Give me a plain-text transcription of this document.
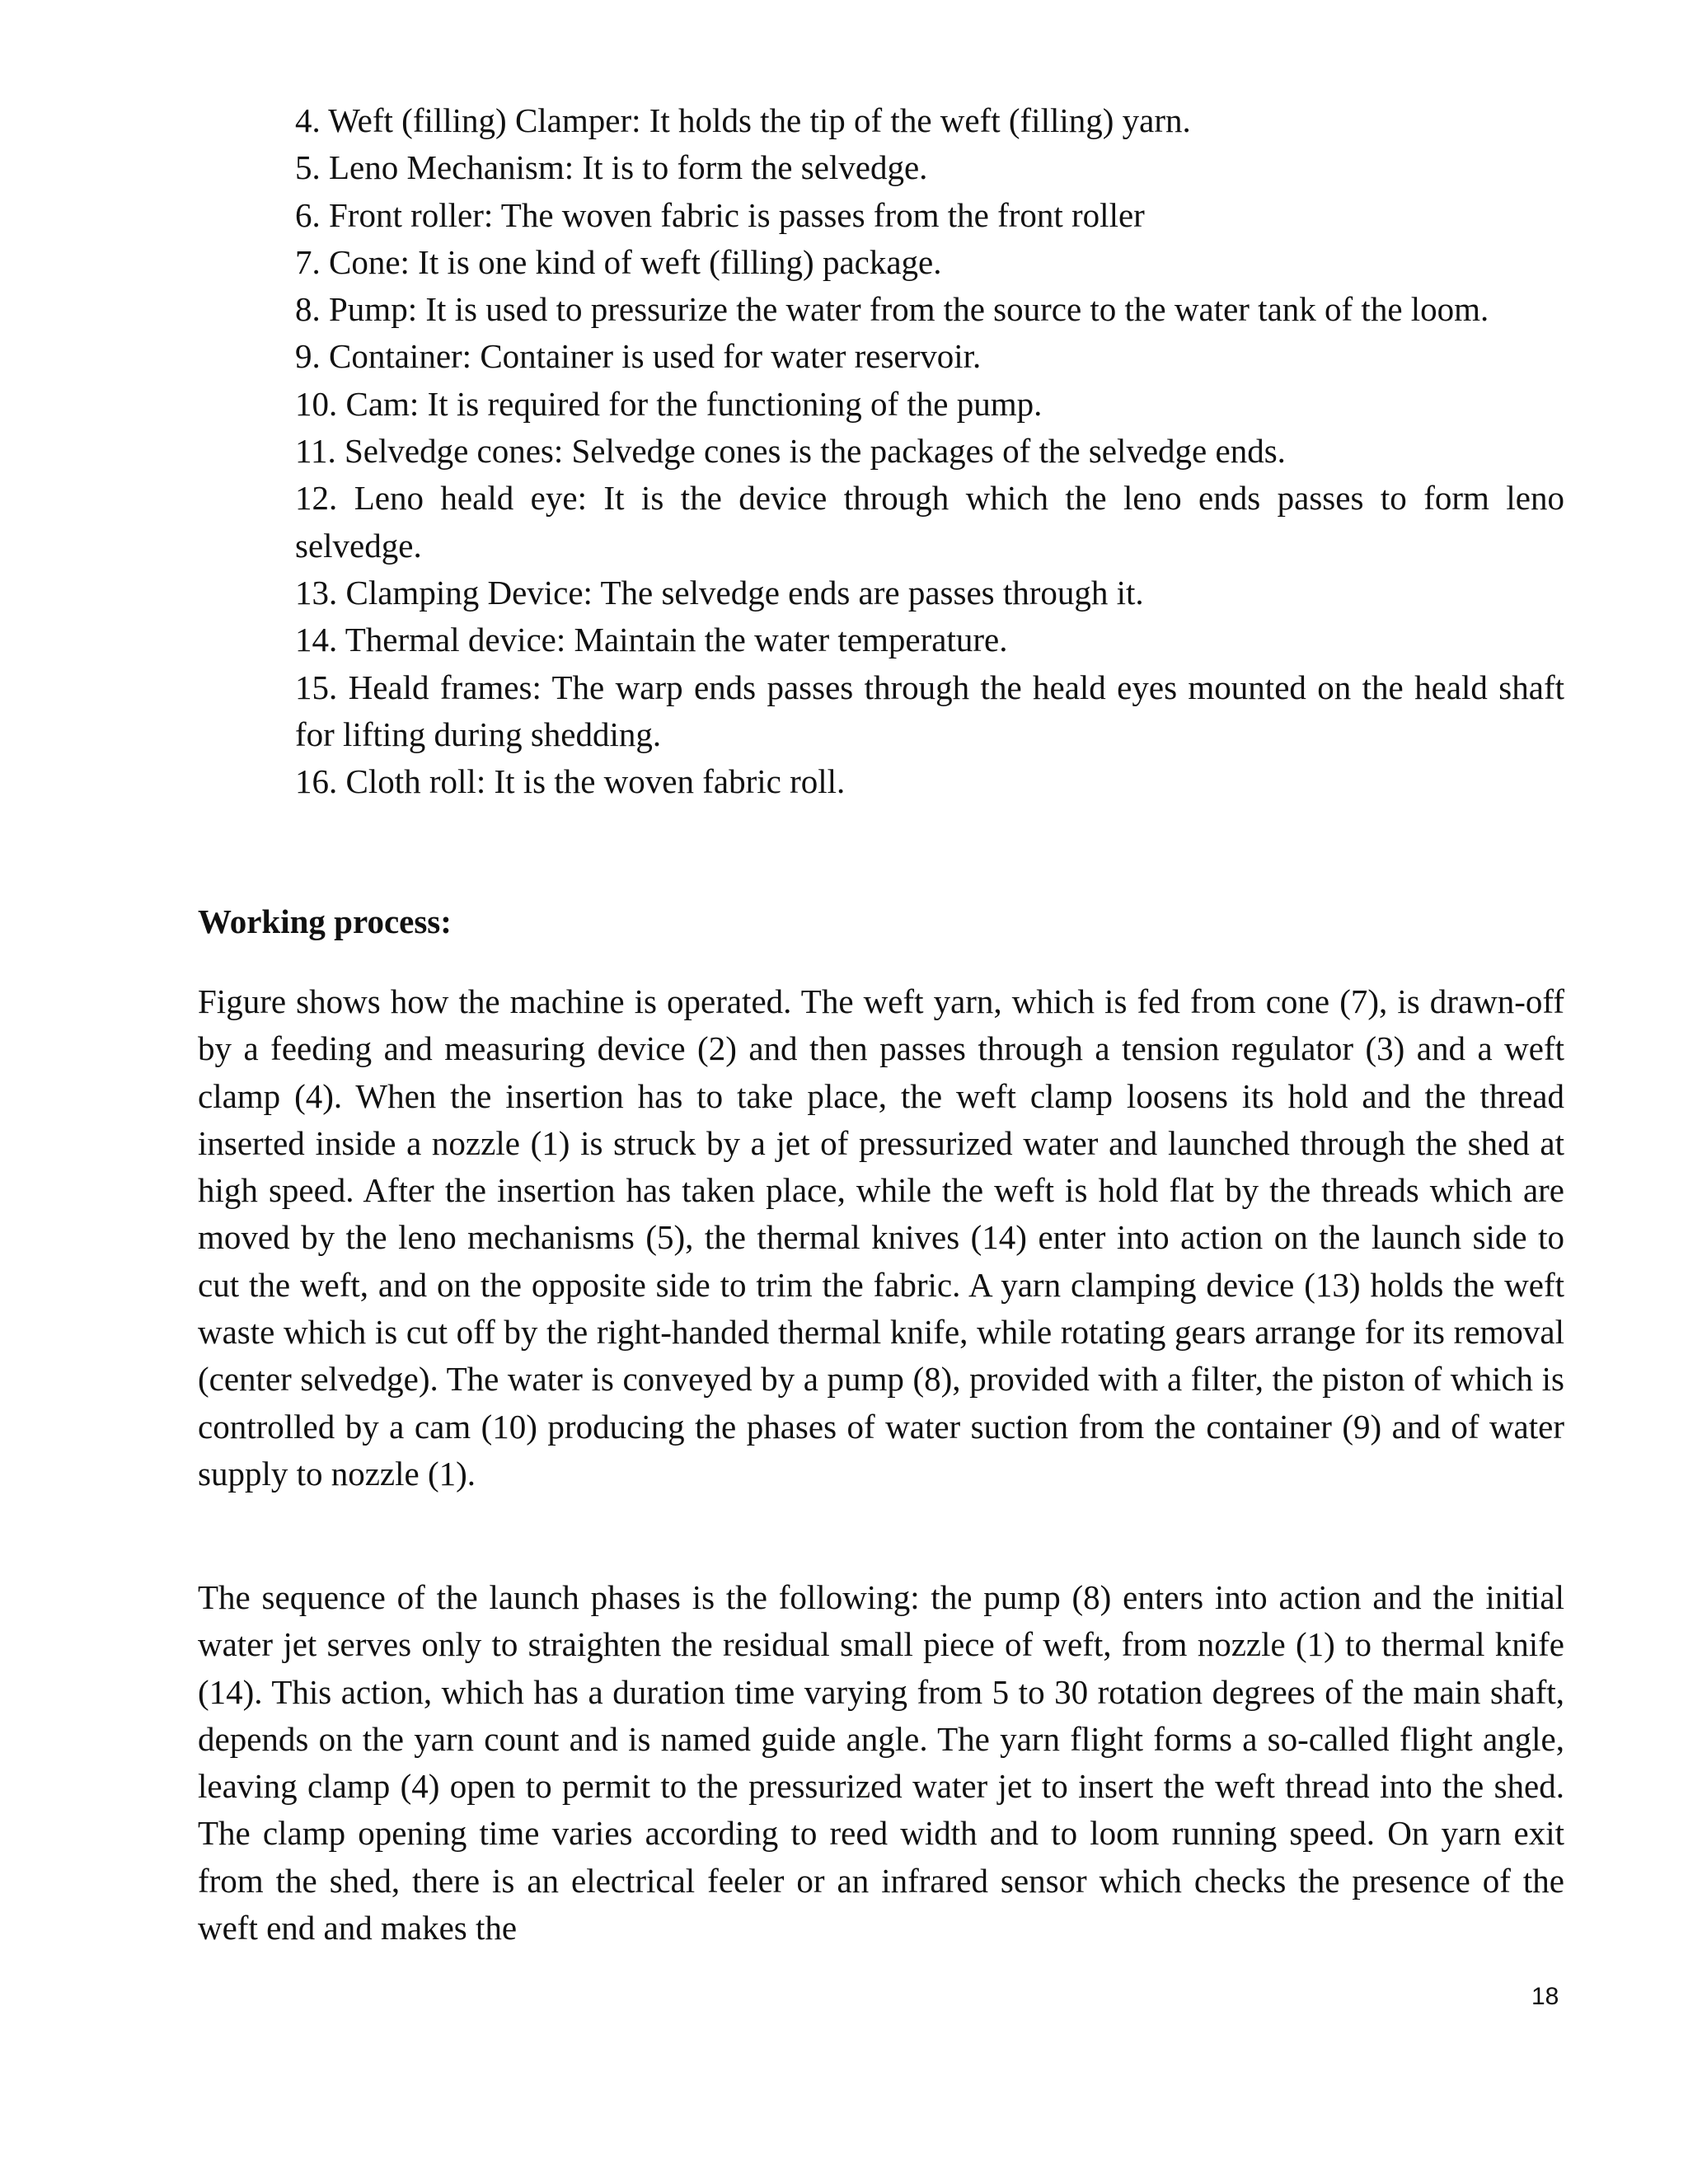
4. Weft (filling) Clamper: It holds the tip of the weft (filling) yarn.

5. Leno Mechanism: It is to form the selvedge.

6. Front roller: The woven fabric is passes from the front roller

7. Cone: It is one kind of weft (filling) package.

8. Pump: It is used to pressurize the water from the source to the water tank of the loom.

9. Container: Container is used for water reservoir.

10. Cam: It is required for the functioning of the pump.

11. Selvedge cones: Selvedge cones is the packages of the selvedge ends.

12. Leno heald eye: It is the device through which the leno ends passes to form leno selvedge.

13. Clamping Device: The selvedge ends are passes through it.

14. Thermal device: Maintain the water temperature.

15. Heald frames: The warp ends passes through the heald eyes mounted on the heald shaft for lifting during shedding.

16. Cloth roll: It is the woven fabric roll.

Working process:

Figure shows how the machine is operated. The weft yarn, which is fed from cone (7), is drawn-off by a feeding and measuring device (2) and then passes through a tension regulator (3) and a weft clamp (4). When the insertion has to take place, the weft clamp loosens its hold and the thread inserted inside a nozzle (1) is struck by a jet of pressurized water and launched through the shed at high speed. After the insertion has taken place, while the weft is hold flat by the threads which are moved by the leno mechanisms (5), the thermal knives (14) enter into action on the launch side to cut the weft, and on the opposite side to trim the fabric. A yarn clamping device (13) holds the weft waste which is cut off by the right-handed thermal knife, while rotating gears arrange for its removal (center selvedge). The water is conveyed by a pump (8), provided with a filter, the piston of which is controlled by a cam (10) producing the phases of water suction from the container (9) and of water supply to nozzle (1).

The sequence of the launch phases is the following: the pump (8) enters into action and the initial water jet serves only to straighten the residual small piece of weft, from nozzle (1) to thermal knife (14). This action, which has a duration time varying from 5 to 30 rotation degrees of the main shaft, depends on the yarn count and is named guide angle. The yarn flight forms a so-called flight angle, leaving clamp (4) open to permit to the pressurized water jet to insert the weft thread into the shed. The clamp opening time varies according to reed width and to loom running speed. On yarn exit from the shed, there is an electrical feeler or an infrared sensor which checks the presence of the weft end and makes the

18
